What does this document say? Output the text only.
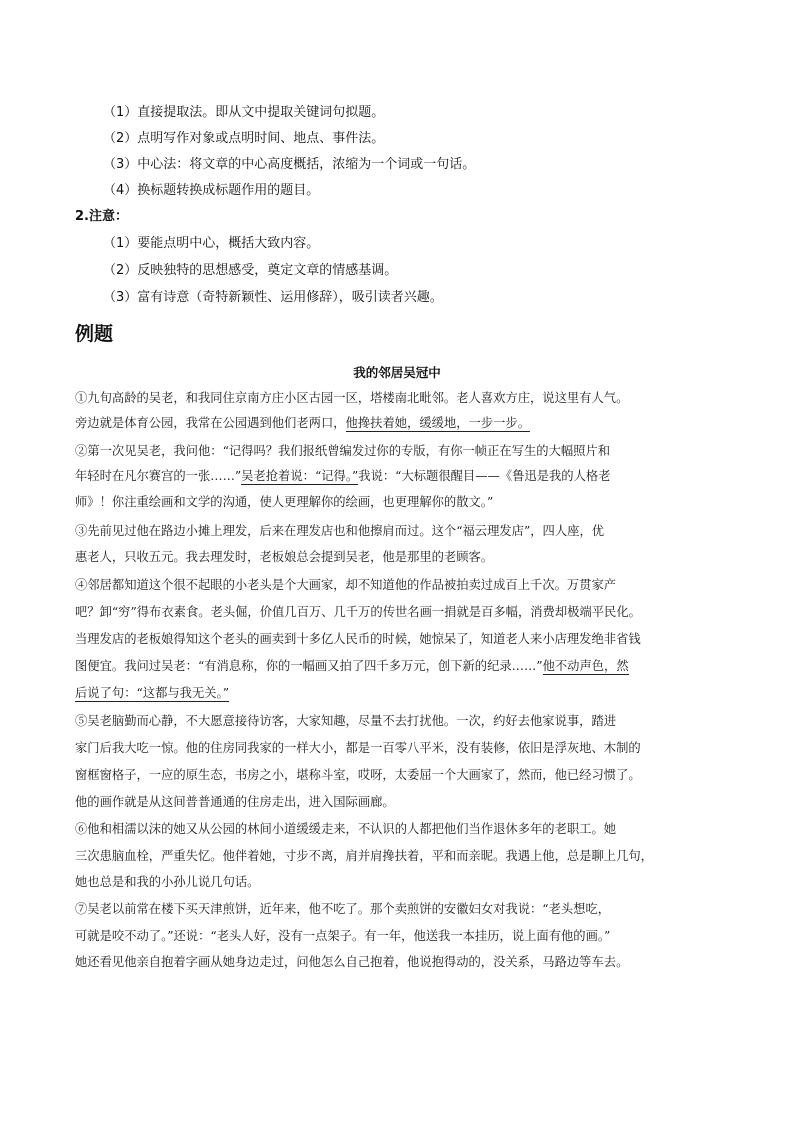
（1）直接提取法。即从文中提取关键词句拟题。
（2）点明写作对象或点明时间、地点、事件法。
（3）中心法：将文章的中心高度概括，浓缩为一个词或一句话。
（4）换标题转换成标题作用的题目。
2.注意：
（1）要能点明中心，概括大致内容。
（2）反映独特的思想感受，奠定文章的情感基调。
（3）富有诗意（奇特新颖性、运用修辞），吸引读者兴趣。
例题
我的邻居吴冠中
①九旬高龄的吴老，和我同住京南方庄小区古园一区，塔楼南北毗邻。老人喜欢方庄，说这里有人气。
旁边就是体育公园，我常在公园遇到他们老两口，他搀扶着她，缓缓地，一步一步。
②第一次见吴老，我问他：“记得吗？我们报纸曾编发过你的专版，有你一帧正在写生的大幅照片和
年轻时在凡尔赛宫的一张……”吴老抢着说：“记得。”我说：“大标题很醒目——《鲁迅是我的人格老
师》！你注重绘画和文学的沟通，使人更理解你的绘画，也更理解你的散文。”
③先前见过他在路边小摊上理发，后来在理发店也和他擦肩而过。这个“福云理发店”，四人座，优
惠老人，只收五元。我去理发时，老板娘总会提到吴老，他是那里的老顾客。
④邻居都知道这个很不起眼的小老头是个大画家，却不知道他的作品被拍卖过成百上千次。万贯家产
吧？卸“穷”得布衣素食。老头倔，价值几百万、几千万的传世名画一捐就是百多幅，消费却极端平民化。
当理发店的老板娘得知这个老头的画卖到十多亿人民币的时候，她惊呆了，知道老人来小店理发绝非省钱
图便宜。我问过吴老：“有消息称，你的一幅画又拍了四千多万元，创下新的纪录……”他不动声色，然
后说了句：“这都与我无关。”
⑤吴老脑勤而心静，不大愿意接待访客，大家知趣，尽量不去打扰他。一次，约好去他家说事，踏进
家门后我大吃一惊。他的住房同我家的一样大小，都是一百零八平米，没有装修，依旧是浮灰地、木制的
窗框窗格子，一应的原生态，书房之小，堪称斗室，哎呀，太委屈一个大画家了，然而，他已经习惯了。
他的画作就是从这间普普通通的住房走出，进入国际画廊。
⑥他和相濡以沫的她又从公园的林间小道缓缓走来，不认识的人都把他们当作退休多年的老职工。她
三次患脑血栓，严重失忆。他伴着她，寸步不离，肩并肩搀扶着，平和而亲昵。我遇上他，总是聊上几句，
她也总是和我的小孙儿说几句话。
⑦吴老以前常在楼下买天津煎饼，近年来，他不吃了。那个卖煎饼的安徽妇女对我说：“老头想吃，
可就是咬不动了。”还说：“老头人好，没有一点架子。有一年，他送我一本挂历，说上面有他的画。”
她还看见他亲自抱着字画从她身边走过，问他怎么自己抱着，他说抱得动的，没关系，马路边等车去。
